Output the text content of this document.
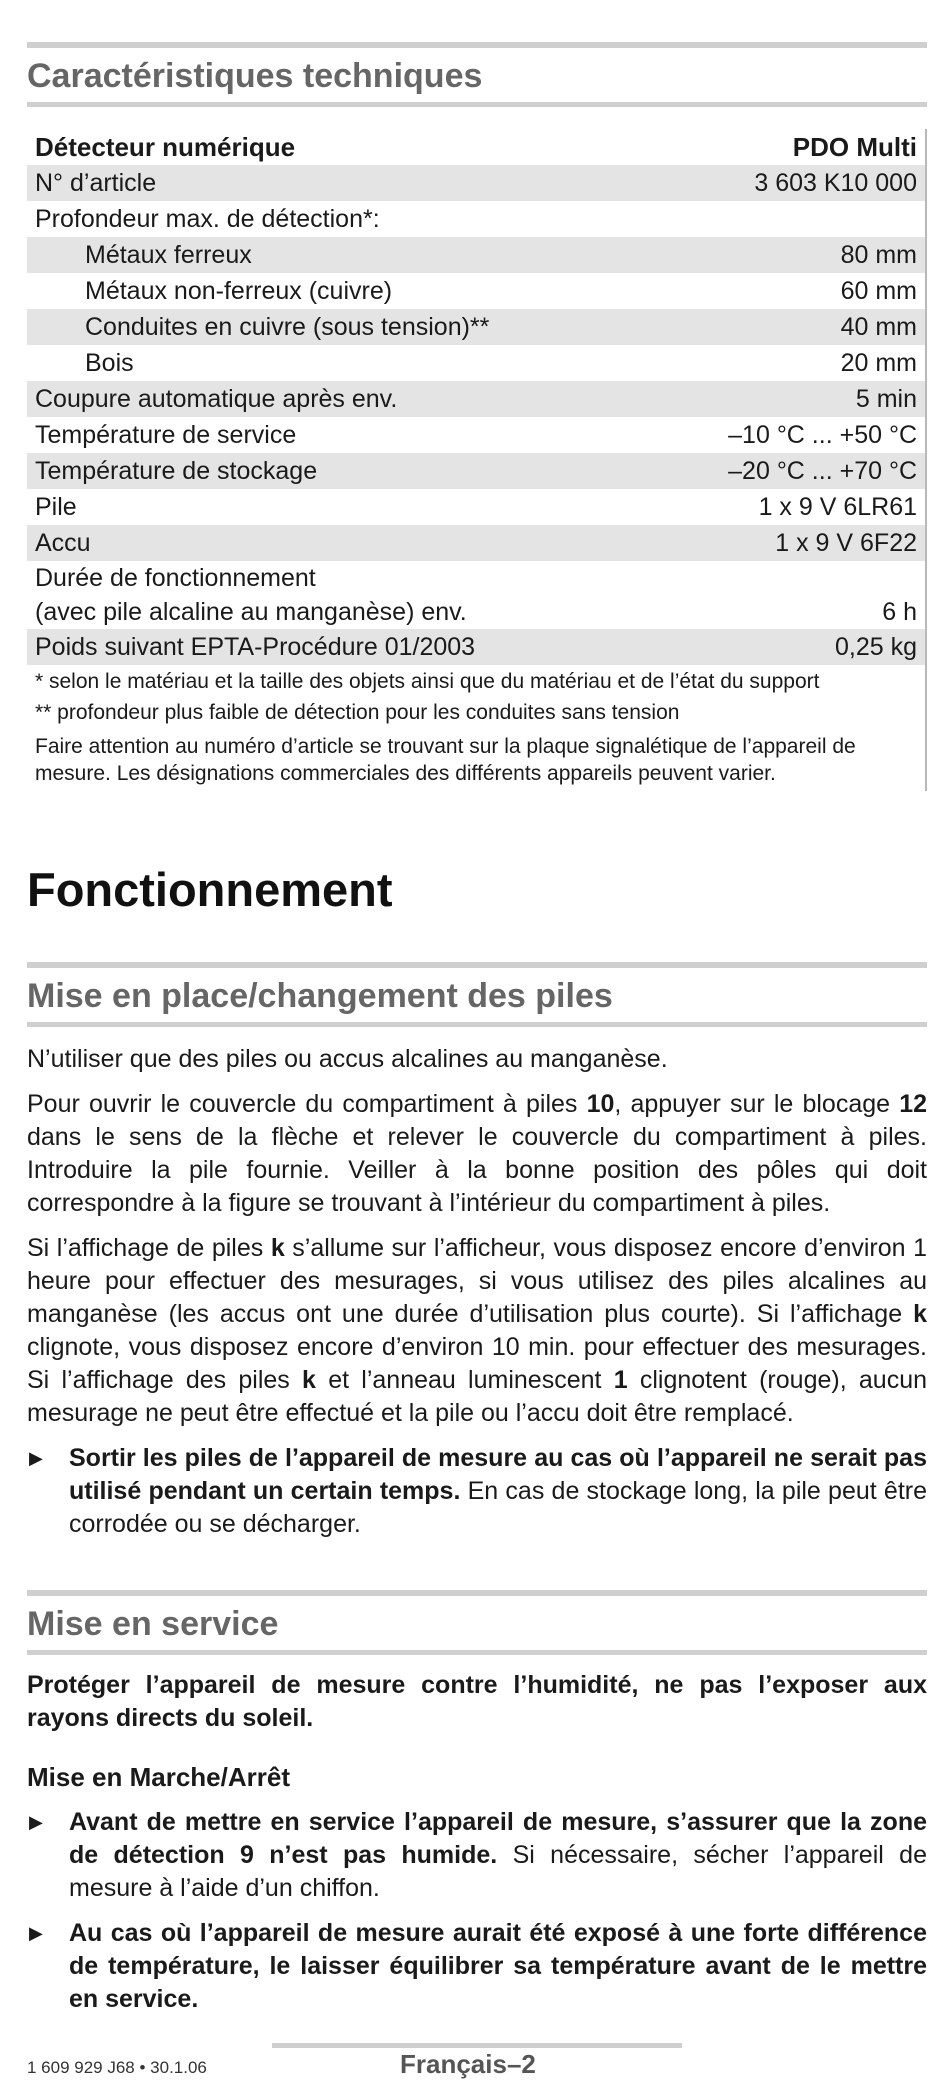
Caractéristiques techniques
Détecteur numérique	PDO Multi
N° d’article	3 603 K10 000
Profondeur max. de détection*:
Métaux ferreux	80 mm
Métaux non-ferreux (cuivre)	60 mm
Conduites en cuivre (sous tension)**	40 mm
Bois	20 mm
Coupure automatique après env.	5 min
Température de service	–10 °C ... +50 °C
Température de stockage	–20 °C ... +70 °C
Pile	1 x 9 V 6LR61
Accu	1 x 9 V 6F22
Durée de fonctionnement
(avec pile alcaline au manganèse) env.	6 h
Poids suivant EPTA-Procédure 01/2003	0,25 kg
* selon le matériau et la taille des objets ainsi que du matériau et de l’état du support
** profondeur plus faible de détection pour les conduites sans tension
Faire attention au numéro d’article se trouvant sur la plaque signalétique de l’appareil de mesure. Les désignations commerciales des différents appareils peuvent varier.
Fonctionnement
Mise en place/changement des piles

N’utiliser que des piles ou accus alcalines au manganèse.

Pour ouvrir le couvercle du compartiment à piles 10, appuyer sur le blocage 12 dans le sens de la flèche et relever le couvercle du compartiment à piles. Introduire la pile fournie. Veiller à la bonne position des pôles qui doit correspondre à la figure se trouvant à l’intérieur du compartiment à piles.

Si l’affichage de piles k s’allume sur l’afficheur, vous disposez encore d’environ 1 heure pour effectuer des mesurages, si vous utilisez des piles alcalines au manganèse (les accus ont une durée d’utilisation plus courte). Si l’affichage k clignote, vous disposez encore d’environ 10 min. pour effectuer des mesurages. Si l’affichage des piles k et l’anneau luminescent 1 clignotent (rouge), aucun mesurage ne peut être effectué et la pile ou l’accu doit être remplacé.

▶	Sortir les piles de l’appareil de mesure au cas où l’appareil ne serait pas utilisé pendant un certain temps. En cas de stockage long, la pile peut être corrodée ou se décharger.
Mise en service

Protéger l’appareil de mesure contre l’humidité, ne pas l’exposer aux rayons directs du soleil.

Mise en Marche/Arrêt
▶	Avant de mettre en service l’appareil de mesure, s’assurer que la zone de détection 9 n’est pas humide. Si nécessaire, sécher l’appareil de mesure à l’aide d’un chiffon.
▶	Au cas où l’appareil de mesure aurait été exposé à une forte différence de température, le laisser équilibrer sa température avant de le mettre en service.
1 609 929 J68 • 30.1.06	Français–2
